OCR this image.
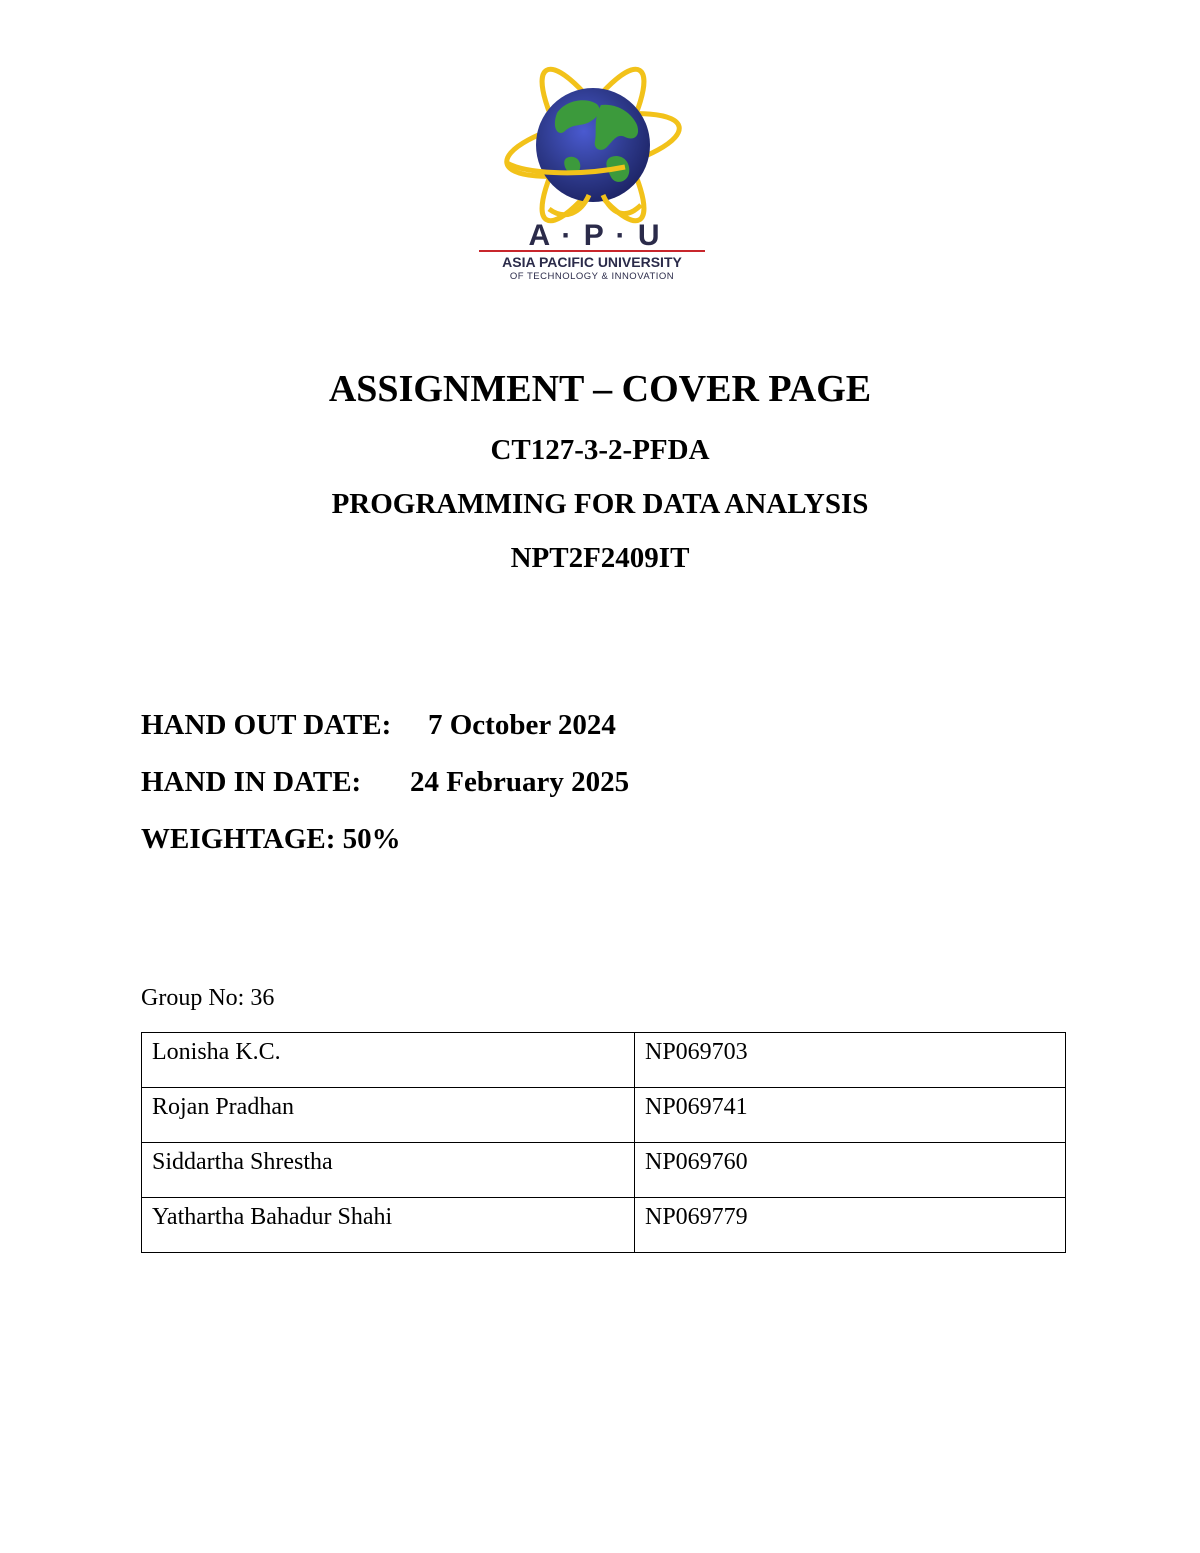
A · P · U
ASIA PACIFIC UNIVERSITY
OF TECHNOLOGY & INNOVATION
ASSIGNMENT – COVER PAGE
CT127-3-2-PFDA
PROGRAMMING FOR DATA ANALYSIS
NPT2F2409IT
HAND OUT DATE: 7 October 2024
HAND IN DATE: 24 February 2025
WEIGHTAGE: 50%
Group No: 36
Lonisha K.C.	NP069703
Rojan Pradhan	NP069741
Siddartha Shrestha	NP069760
Yathartha Bahadur Shahi	NP069779
